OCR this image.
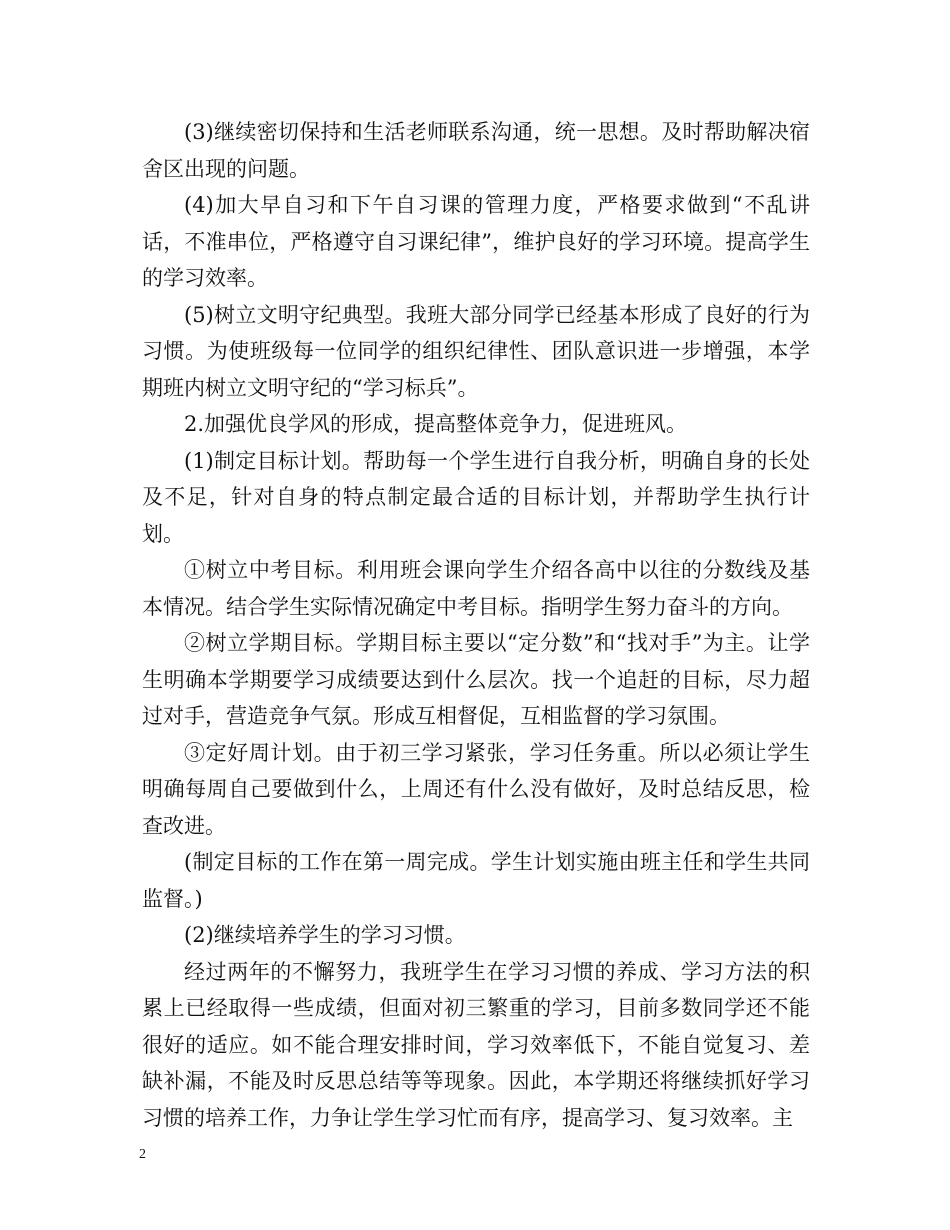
(3)继续密切保持和生活老师联系沟通，统一思想。及时帮助解决宿舍区出现的问题。

(4)加大早自习和下午自习课的管理力度，严格要求做到“不乱讲话，不准串位，严格遵守自习课纪律”，维护良好的学习环境。提高学生的学习效率。

(5)树立文明守纪典型。我班大部分同学已经基本形成了良好的行为习惯。为使班级每一位同学的组织纪律性、团队意识进一步增强，本学期班内树立文明守纪的“学习标兵”。

2.加强优良学风的形成，提高整体竞争力，促进班风。

(1)制定目标计划。帮助每一个学生进行自我分析，明确自身的长处及不足，针对自身的特点制定最合适的目标计划，并帮助学生执行计划。

①树立中考目标。利用班会课向学生介绍各高中以往的分数线及基本情况。结合学生实际情况确定中考目标。指明学生努力奋斗的方向。

②树立学期目标。学期目标主要以“定分数”和“找对手”为主。让学生明确本学期要学习成绩要达到什么层次。找一个追赶的目标，尽力超过对手，营造竞争气氛。形成互相督促，互相监督的学习氛围。

③定好周计划。由于初三学习紧张，学习任务重。所以必须让学生明确每周自己要做到什么，上周还有什么没有做好，及时总结反思，检查改进。

(制定目标的工作在第一周完成。学生计划实施由班主任和学生共同监督。)

(2)继续培养学生的学习习惯。

经过两年的不懈努力，我班学生在学习习惯的养成、学习方法的积累上已经取得一些成绩，但面对初三繁重的学习，目前多数同学还不能很好的适应。如不能合理安排时间，学习效率低下，不能自觉复习、差缺补漏，不能及时反思总结等等现象。因此，本学期还将继续抓好学习习惯的培养工作，力争让学生学习忙而有序，提高学习、复习效率。主

2
